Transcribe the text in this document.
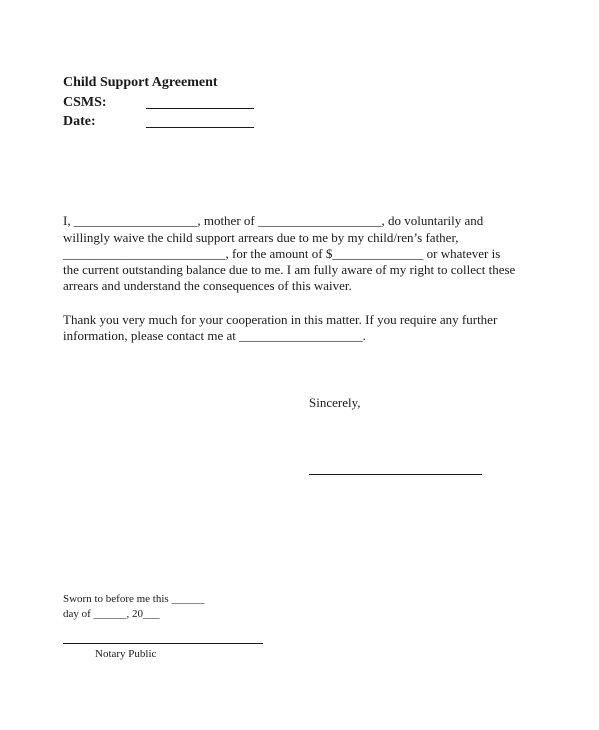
Child Support Agreement
CSMS:
Date:
I, ___________________, mother of ___________________, do voluntarily and
willingly waive the child support arrears due to me by my child/ren’s father,
_________________________, for the amount of $______________ or whatever is
the current outstanding balance due to me. I am fully aware of my right to collect these
arrears and understand the consequences of this waiver.
Thank you very much for your cooperation in this matter. If you require any further
information, please contact me at ___________________.
Sincerely,
Sworn to before me this ______
day of ______, 20___
Notary Public
